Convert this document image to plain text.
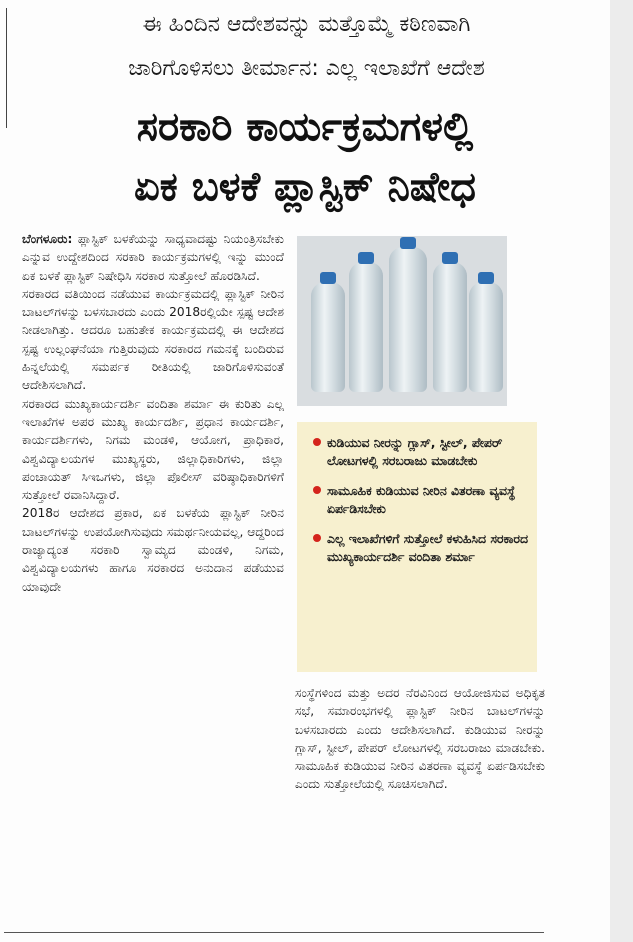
ಈ ಹಿಂದಿನ ಆದೇಶವನ್ನು ಮತ್ತೊಮ್ಮೆ ಕಠಿಣವಾಗಿ
ಜಾರಿಗೊಳಿಸಲು ತೀರ್ಮಾನ: ಎಲ್ಲ ಇಲಾಖೆಗೆ ಆದೇಶ
ಸರಕಾರಿ ಕಾರ್ಯಕ್ರಮಗಳಲ್ಲಿ
ಏಕ ಬಳಕೆ ಪ್ಲಾಸ್ಟಿಕ್ ನಿಷೇಧ

ಬೆಂಗಳೂರು: ಪ್ಲಾಸ್ಟಿಕ್ ಬಳಕೆಯನ್ನು ಸಾಧ್ಯವಾದಷ್ಟು ನಿಯಂತ್ರಿಸಬೇಕು ಎನ್ನುವ ಉದ್ದೇಶದಿಂದ ಸರಕಾರಿ ಕಾರ್ಯಕ್ರಮಗಳಲ್ಲಿ ಇನ್ನು ಮುಂದೆ ಏಕ ಬಳಕೆ ಪ್ಲಾಸ್ಟಿಕ್ ನಿಷೇಧಿಸಿ ಸರಕಾರ ಸುತ್ತೋಲೆ ಹೊರಡಿಸಿದೆ.

ಸರಕಾರದ ವತಿಯಿಂದ ನಡೆಯುವ ಕಾರ್ಯಕ್ರಮದಲ್ಲಿ ಪ್ಲಾಸ್ಟಿಕ್ ನೀರಿನ ಬಾಟಲ್‌ಗಳನ್ನು ಬಳಸಬಾರದು ಎಂದು 2018ರಲ್ಲಿಯೇ ಸ್ಪಷ್ಟ ಆದೇಶ ನೀಡಲಾಗಿತ್ತು. ಆದರೂ ಬಹುತೇಕ ಕಾರ್ಯಕ್ರಮದಲ್ಲಿ ಈ ಆದೇಶದ ಸ್ಪಷ್ಟ ಉಲ್ಲಂಘನೆಯಾ ಗುತ್ತಿರುವುದು ಸರಕಾರದ ಗಮನಕ್ಕೆ ಬಂದಿರುವ ಹಿನ್ನಲೆಯಲ್ಲಿ ಸಮರ್ಪಕ ರೀತಿಯಲ್ಲಿ ಜಾರಿಗೊಳಿಸುವಂತೆ ಆದೇಶಿಸಲಾಗಿದೆ.

ಸರಕಾರದ ಮುಖ್ಯಕಾರ್ಯದರ್ಶಿ ವಂದಿತಾ ಶರ್ಮಾ ಈ ಕುರಿತು ಎಲ್ಲ ಇಲಾಖೆಗಳ ಅಪರ ಮುಖ್ಯ ಕಾರ್ಯದರ್ಶಿ, ಪ್ರಧಾನ ಕಾರ್ಯದರ್ಶಿ, ಕಾರ್ಯದರ್ಶಿಗಳು, ನಿಗಮ ಮಂಡಳಿ, ಆಯೋಗ, ಪ್ರಾಧಿಕಾರ, ವಿಶ್ವವಿದ್ಯಾಲಯಗಳ ಮುಖ್ಯಸ್ಥರು, ಜಿಲ್ಲಾಧಿಕಾರಿಗಳು, ಜಿಲ್ಲಾ ಪಂಚಾಯತ್ ಸಿಇಒಗಳು, ಜಿಲ್ಲಾ ಪೊಲೀಸ್ ವರಿಷ್ಠಾಧಿಕಾರಿಗಳಿಗೆ ಸುತ್ತೋಲೆ ರವಾನಿಸಿದ್ದಾರೆ.

2018ರ ಆದೇಶದ ಪ್ರಕಾರ, ಏಕ ಬಳಕೆಯ ಪ್ಲಾಸ್ಟಿಕ್ ನೀರಿನ ಬಾಟಲ್‌ಗಳನ್ನು ಉಪಯೋಗಿಸುವುದು ಸಮರ್ಥನೀಯವಲ್ಲ, ಆದ್ದರಿಂದ ರಾಜ್ಯಾದ್ಯಂತ ಸರಕಾರಿ ಸ್ವಾಮ್ಯದ ಮಂಡಳಿ, ನಿಗಮ, ವಿಶ್ವವಿದ್ಯಾಲಯಗಳು ಹಾಗೂ ಸರಕಾರದ ಅನುದಾನ ಪಡೆಯುವ ಯಾವುದೇ

ಕುಡಿಯುವ ನೀರನ್ನು ಗ್ಲಾಸ್, ಸ್ಟೀಲ್, ಪೇಪರ್ ಲೋಟಗಳಲ್ಲಿ ಸರಬರಾಜು ಮಾಡಬೇಕು
ಸಾಮೂಹಿಕ ಕುಡಿಯುವ ನೀರಿನ ವಿತರಣಾ ವ್ಯವಸ್ಥೆ ಏರ್ಪಡಿಸಬೇಕು
ಎಲ್ಲ ಇಲಾಖೆಗಳಿಗೆ ಸುತ್ತೋಲೆ ಕಳುಹಿಸಿದ ಸರಕಾರದ ಮುಖ್ಯಕಾರ್ಯದರ್ಶಿ ವಂದಿತಾ ಶರ್ಮಾ

ಸಂಸ್ಥೆಗಳಿಂದ ಮತ್ತು ಅದರ ನೆರವಿನಿಂದ ಆಯೋಜಿಸುವ ಅಧಿಕೃತ ಸಭೆ, ಸಮಾರಂಭಗಳಲ್ಲಿ ಪ್ಲಾಸ್ಟಿಕ್ ನೀರಿನ ಬಾಟಲ್‌ಗಳನ್ನು ಬಳಸಬಾರದು ಎಂದು ಆದೇಶಿಸಲಾಗಿದೆ. ಕುಡಿಯುವ ನೀರನ್ನು ಗ್ಲಾಸ್, ಸ್ಟೀಲ್, ಪೇಪರ್ ಲೋಟಗಳಲ್ಲಿ ಸರಬರಾಜು ಮಾಡಬೇಕು. ಸಾಮೂಹಿಕ ಕುಡಿಯುವ ನೀರಿನ ವಿತರಣಾ ವ್ಯವಸ್ಥೆ ಏರ್ಪಡಿಸಬೇಕು ಎಂದು ಸುತ್ತೋಲೆಯಲ್ಲಿ ಸೂಚಿಸಲಾಗಿದೆ.
